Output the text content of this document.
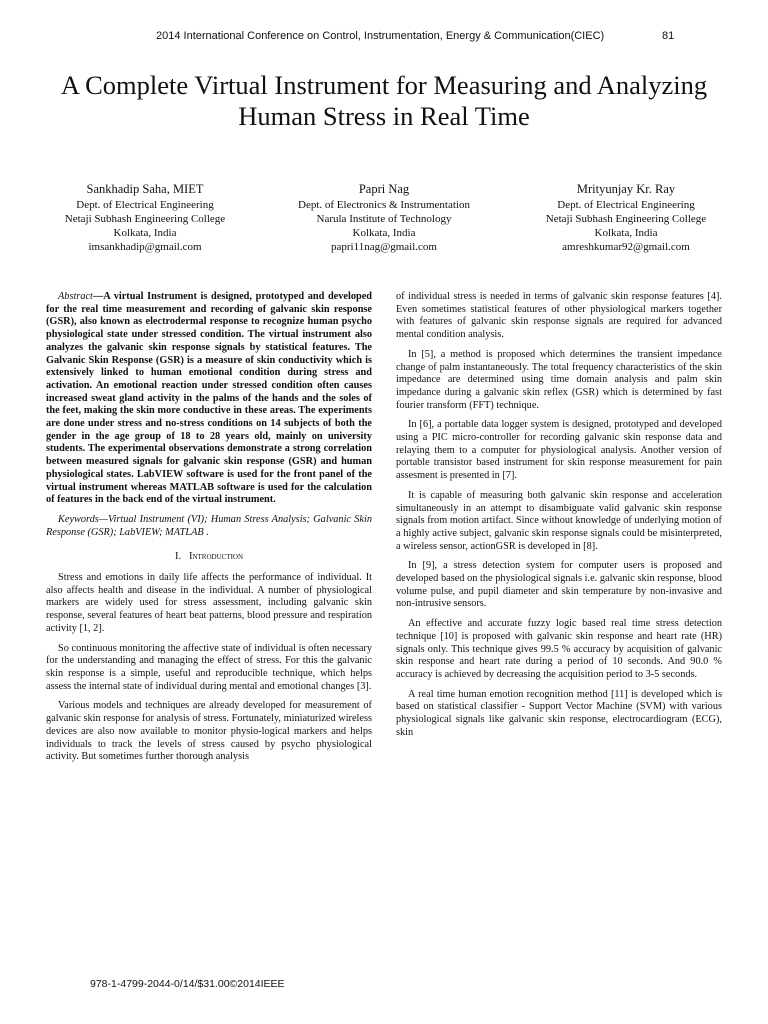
2014 International Conference on Control, Instrumentation, Energy & Communication(CIEC)	81
A Complete Virtual Instrument for Measuring and Analyzing Human Stress in Real Time
Sankhadip Saha, MIET
Dept. of Electrical Engineering
Netaji Subhash Engineering College
Kolkata, India
imsankhadip@gmail.com
Papri Nag
Dept. of Electronics & Instrumentation
Narula Institute of Technology
Kolkata, India
papri11nag@gmail.com
Mrityunjay Kr. Ray
Dept. of Electrical Engineering
Netaji Subhash Engineering College
Kolkata, India
amreshkumar92@gmail.com

Abstract—A virtual Instrument is designed, prototyped and developed for the real time measurement and recording of galvanic skin response (GSR), also known as electrodermal response to recognize human psycho physiological state under stressed condition. The virtual instrument also analyzes the galvanic skin response signals by statistical features. The Galvanic Skin Response (GSR) is a measure of skin conductivity which is extensively linked to human emotional condition during stress and activation. An emotional reaction under stressed condition often causes increased sweat gland activity in the palms of the hands and the soles of the feet, making the skin more conductive in these areas. The experiments are done under stress and no-stress conditions on 14 subjects of both the gender in the age group of 18 to 28 years old, mainly on university students. The experimental observations demonstrate a strong correlation between measured signals for galvanic skin response (GSR) and human physiological states. LabVIEW software is used for the front panel of the virtual instrument whereas MATLAB software is used for the calculation of features in the back end of the virtual instrument.

Keywords—Virtual Instrument (VI); Human Stress Analysis; Galvanic Skin Response (GSR); LabVIEW; MATLAB .

I. Introduction

Stress and emotions in daily life affects the performance of individual. It also affects health and disease in the individual. A number of physiological markers are widely used for stress assessment, including galvanic skin response, several features of heart beat patterns, blood pressure and respiration activity [1, 2].

So continuous monitoring the affective state of individual is often necessary for the understanding and managing the effect of stress. For this the galvanic skin response is a simple, useful and reproducible technique, which helps assess the internal state of individual during mental and emotional changes [3].

Various models and techniques are already developed for measurement of galvanic skin response for analysis of stress. Fortunately, miniaturized wireless devices are also now available to monitor physio-logical markers and helps individuals to track the levels of stress caused by psycho physiological activity. But sometimes further thorough analysis

of individual stress is needed in terms of galvanic skin response features [4]. Even sometimes statistical features of other physiological markers together with features of galvanic skin response signals are required for advanced mental condition analysis.

In [5], a method is proposed which determines the transient impedance change of palm instantaneously. The total frequency characteristics of the skin impedance are determined using time domain analysis and palm skin impedance during a galvanic skin reflex (GSR) which is determined by fast fourier transform (FFT) technique.

In [6], a portable data logger system is designed, prototyped and developed using a PIC micro-controller for recording galvanic skin response data and relaying them to a computer for physiological analysis. Another version of portable transistor based instrument for skin response measurement for pain assesment is presented in [7].

It is capable of measuring both galvanic skin response and acceleration simultaneously in an attempt to disambiguate valid galvanic skin response signals from motion artifact. Since without knowledge of underlying motion of a highly active subject, galvanic skin response signals could be misinterpreted, a wireless sensor, actionGSR is developed in [8].

In [9], a stress detection system for computer users is proposed and developed based on the physiological signals i.e. galvanic skin response, blood volume pulse, and pupil diameter and skin temperature by non-invasive and non-intrusive sensors.

An effective and accurate fuzzy logic based real time stress detection technique [10] is proposed with galvanic skin response and heart rate (HR) signals only. This technique gives 99.5 % accuracy by acquisition of galvanic skin response and heart rate during a period of 10 seconds. And 90.0 % accuracy is achieved by decreasing the acquisition period to 3-5 seconds.

A real time human emotion recognition method [11] is developed which is based on statistical classifier - Support Vector Machine (SVM) with various physiological signals like galvanic skin response, electrocardiogram (ECG), skin

978-1-4799-2044-0/14/$31.00©2014IEEE
